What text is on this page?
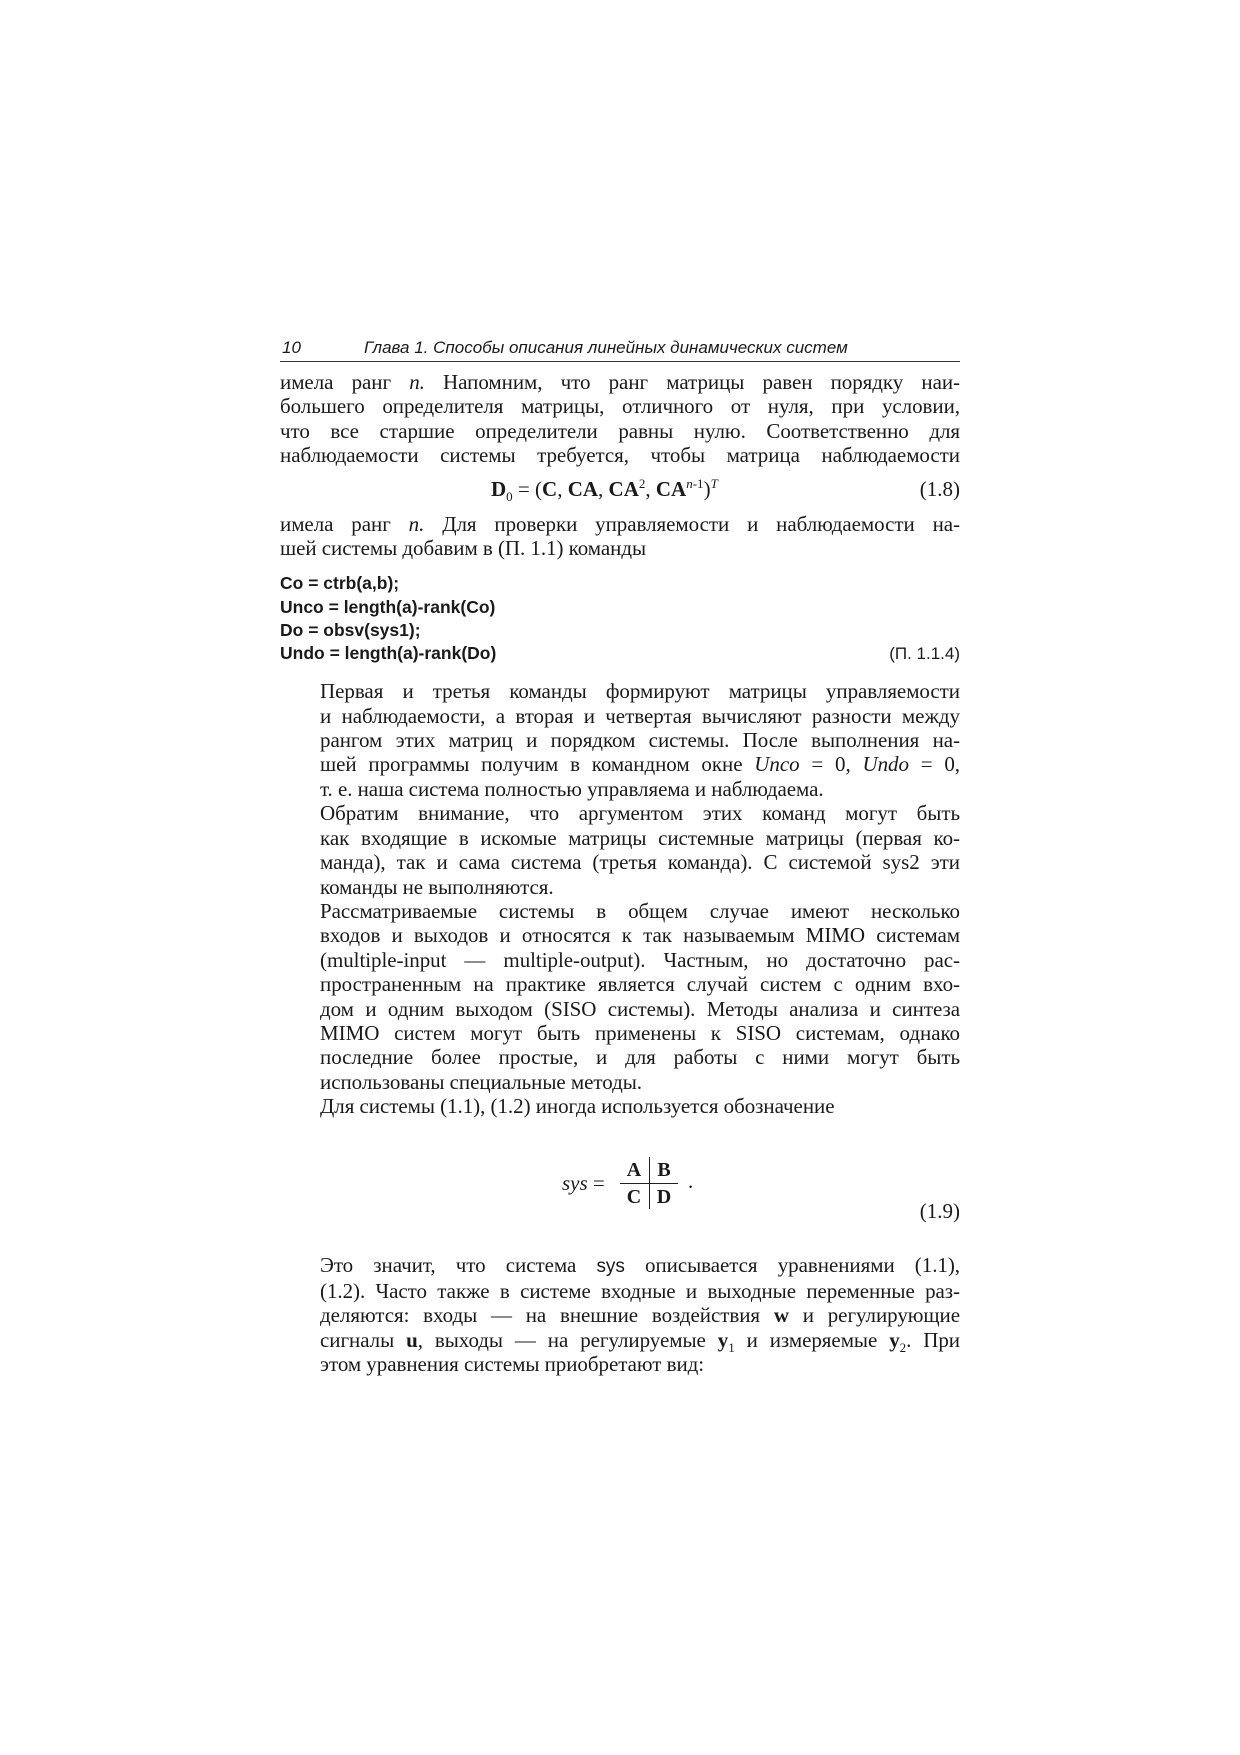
10	Глава 1. Способы описания линейных динамических систем

имела ранг n. Напомним, что ранг матрицы равен порядку наи-
большего определителя матрицы, отличного от нуля, при условии,
что все старшие определители равны нулю. Соответственно для
наблюдаемости системы требуется, чтобы матрица наблюдаемости

$D_0 = (C$, CA, $CA^2$, CA$^{n-1}$)$^T$	(1.8)

имела ранг n. Для проверки управляемости и наблюдаемости на-
шей системы добавим в (П. 1.1) команды

Co = ctrb(a,b);
Unco = length(a)-rank(Co)
Do = obsv(sys1);
Undo = length(a)-rank(Do)	(П. 1.1.4)

Первая и третья команды формируют матрицы управляемости
и наблюдаемости, а вторая и четвертая вычисляют разности между
рангом этих матриц и порядком системы. После выполнения на-
шей программы получим в командном окне Unco = 0, Undo = 0,
т. е. наша система полностью управляема и наблюдаема.

Обратим внимание, что аргументом этих команд могут быть
как входящие в искомые матрицы системные матрицы (первая ко-
манда), так и сама система (третья команда). С системой sys2 эти
команды не выполняются.

Рассматриваемые системы в общем случае имеют несколько
входов и выходов и относятся к так называемым MIMO системам
(multiple-input — multiple-output). Частным, но достаточно рас-
пространенным на практике является случай систем с одним вхо-
дом и одним выходом (SISO системы). Методы анализа и синтеза
MIMO систем могут быть применены к SISO системам, однако
последние более простые, и для работы с ними могут быть
использованы специальные методы.

Для системы (1.1), (1.2) иногда используется обозначение

sys =
A B
C D
.
(1.9)

Это значит, что система sys описывается уравнениями (1.1),
(1.2). Часто также в системе входные и выходные переменные раз-
деляются: входы — на внешние воздействия w и регулирующие
сигналы u, выходы — на регулируемые $y_1$ и измеряемые $y_2$. При
этом уравнения системы приобретают вид:
